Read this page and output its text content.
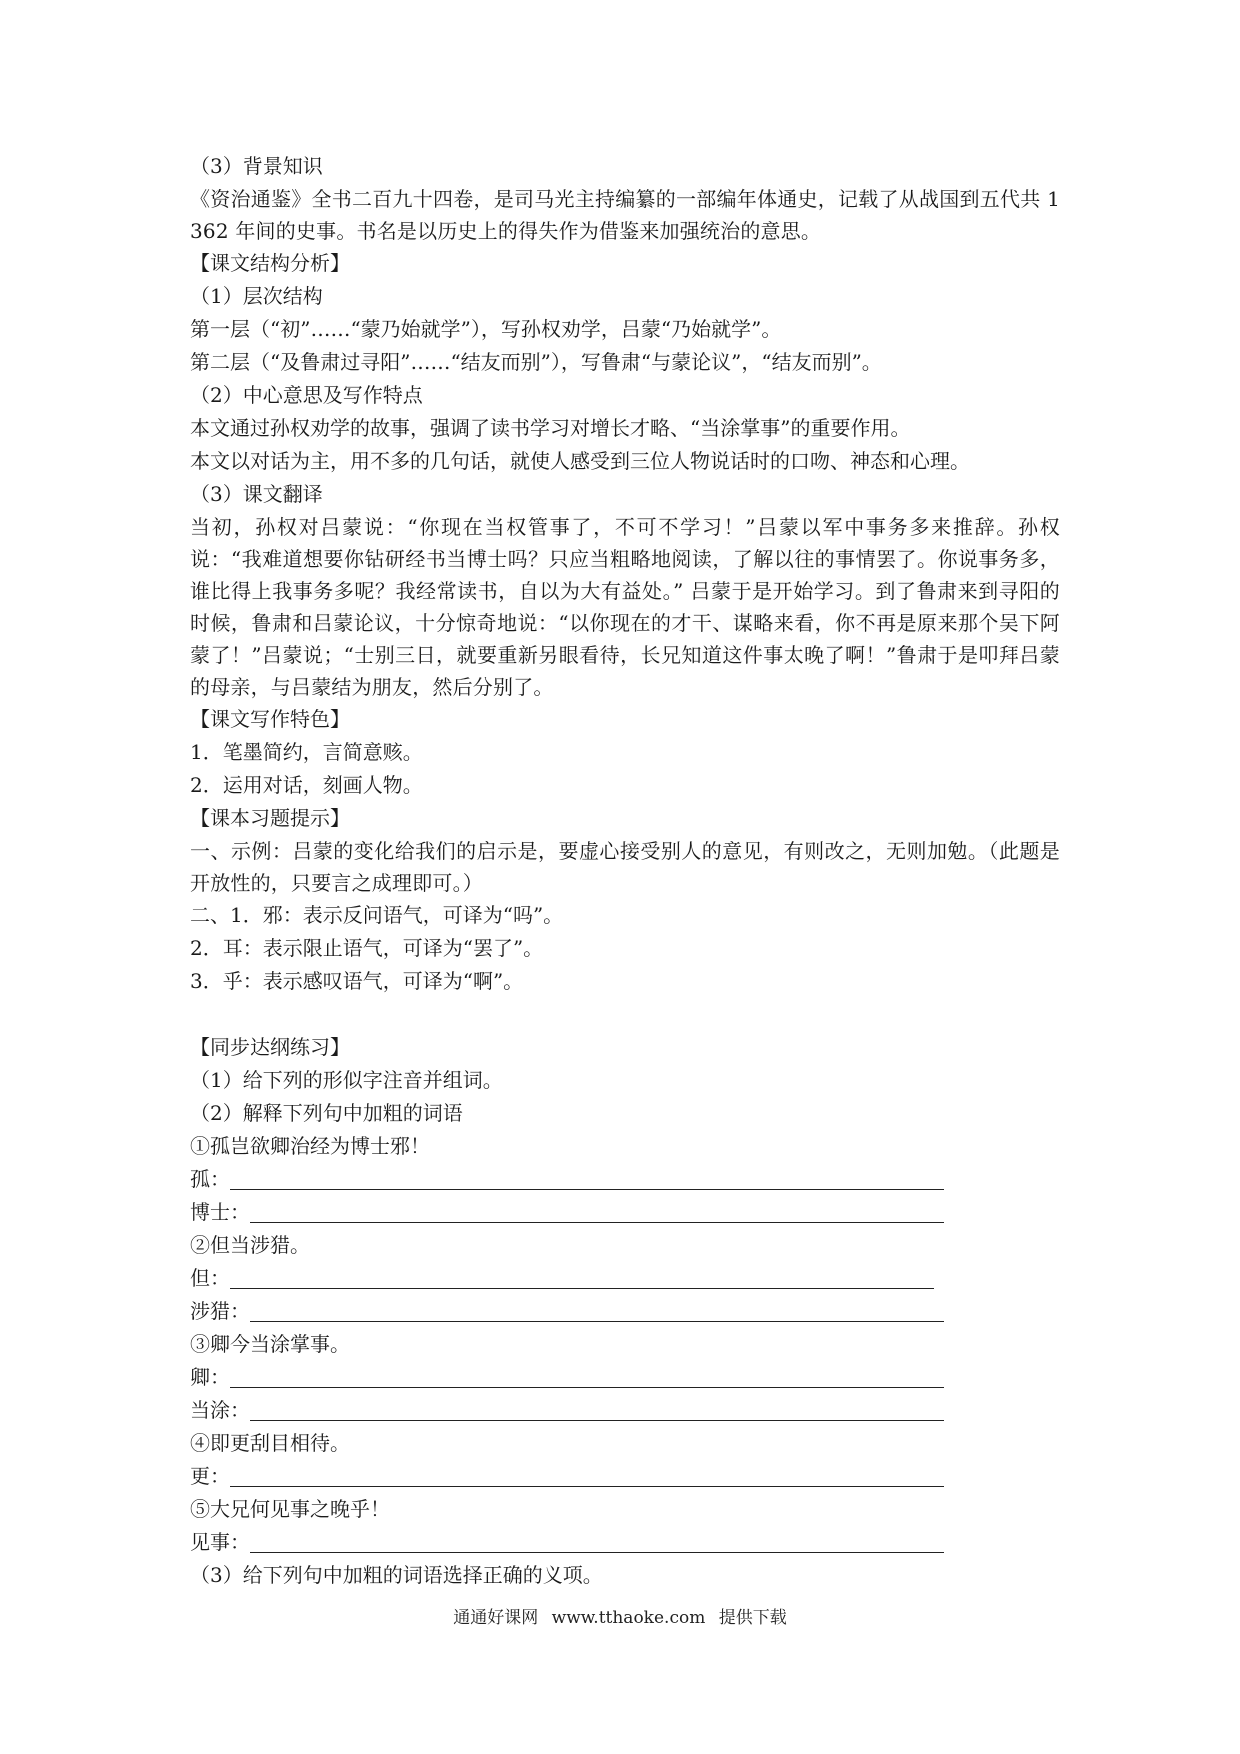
（3）背景知识
《资治通鉴》全书二百九十四卷，是司马光主持编纂的一部编年体通史，记载了从战国到五代共 1362 年间的史事。书名是以历史上的得失作为借鉴来加强统治的意思。
【课文结构分析】
（1）层次结构
第一层（“初”……“蒙乃始就学”），写孙权劝学，吕蒙“乃始就学”。
第二层（“及鲁肃过寻阳”……“结友而别”），写鲁肃“与蒙论议”，“结友而别”。
（2）中心意思及写作特点
本文通过孙权劝学的故事，强调了读书学习对增长才略、“当涂掌事”的重要作用。
本文以对话为主，用不多的几句话，就使人感受到三位人物说话时的口吻、神态和心理。
（3）课文翻译
当初，孙权对吕蒙说：“你现在当权管事了，不可不学习！”吕蒙以军中事务多来推辞。孙权说：“我难道想要你钻研经书当博士吗？只应当粗略地阅读，了解以往的事情罢了。你说事务多，谁比得上我事务多呢？我经常读书，自以为大有益处。” 吕蒙于是开始学习。到了鲁肃来到寻阳的时候，鲁肃和吕蒙论议，十分惊奇地说：“以你现在的才干、谋略来看，你不再是原来那个吴下阿蒙了！”吕蒙说；“士别三日，就要重新另眼看待，长兄知道这件事太晚了啊！”鲁肃于是叩拜吕蒙的母亲，与吕蒙结为朋友，然后分别了。
【课文写作特色】
1．笔墨简约，言简意赅。
2．运用对话，刻画人物。
【课本习题提示】
一、示例：吕蒙的变化给我们的启示是，要虚心接受别人的意见，有则改之，无则加勉。（此题是开放性的，只要言之成理即可。）
二、1．邪：表示反问语气，可译为“吗”。
2．耳：表示限止语气，可译为“罢了”。
3．乎：表示感叹语气，可译为“啊”。
【同步达纲练习】
（1）给下列的形似字注音并组词。
（2）解释下列句中加粗的词语
①孤岂欲卿治经为博士邪！
孤：
博士：
②但当涉猎。
但：
涉猎：
③卿今当涂掌事。
卿：
当涂：
④即更刮目相待。
更：
⑤大兄何见事之晚乎！
见事：
（3）给下列句中加粗的词语选择正确的义项。
通通好课网 www.tthaoke.com 提供下载
